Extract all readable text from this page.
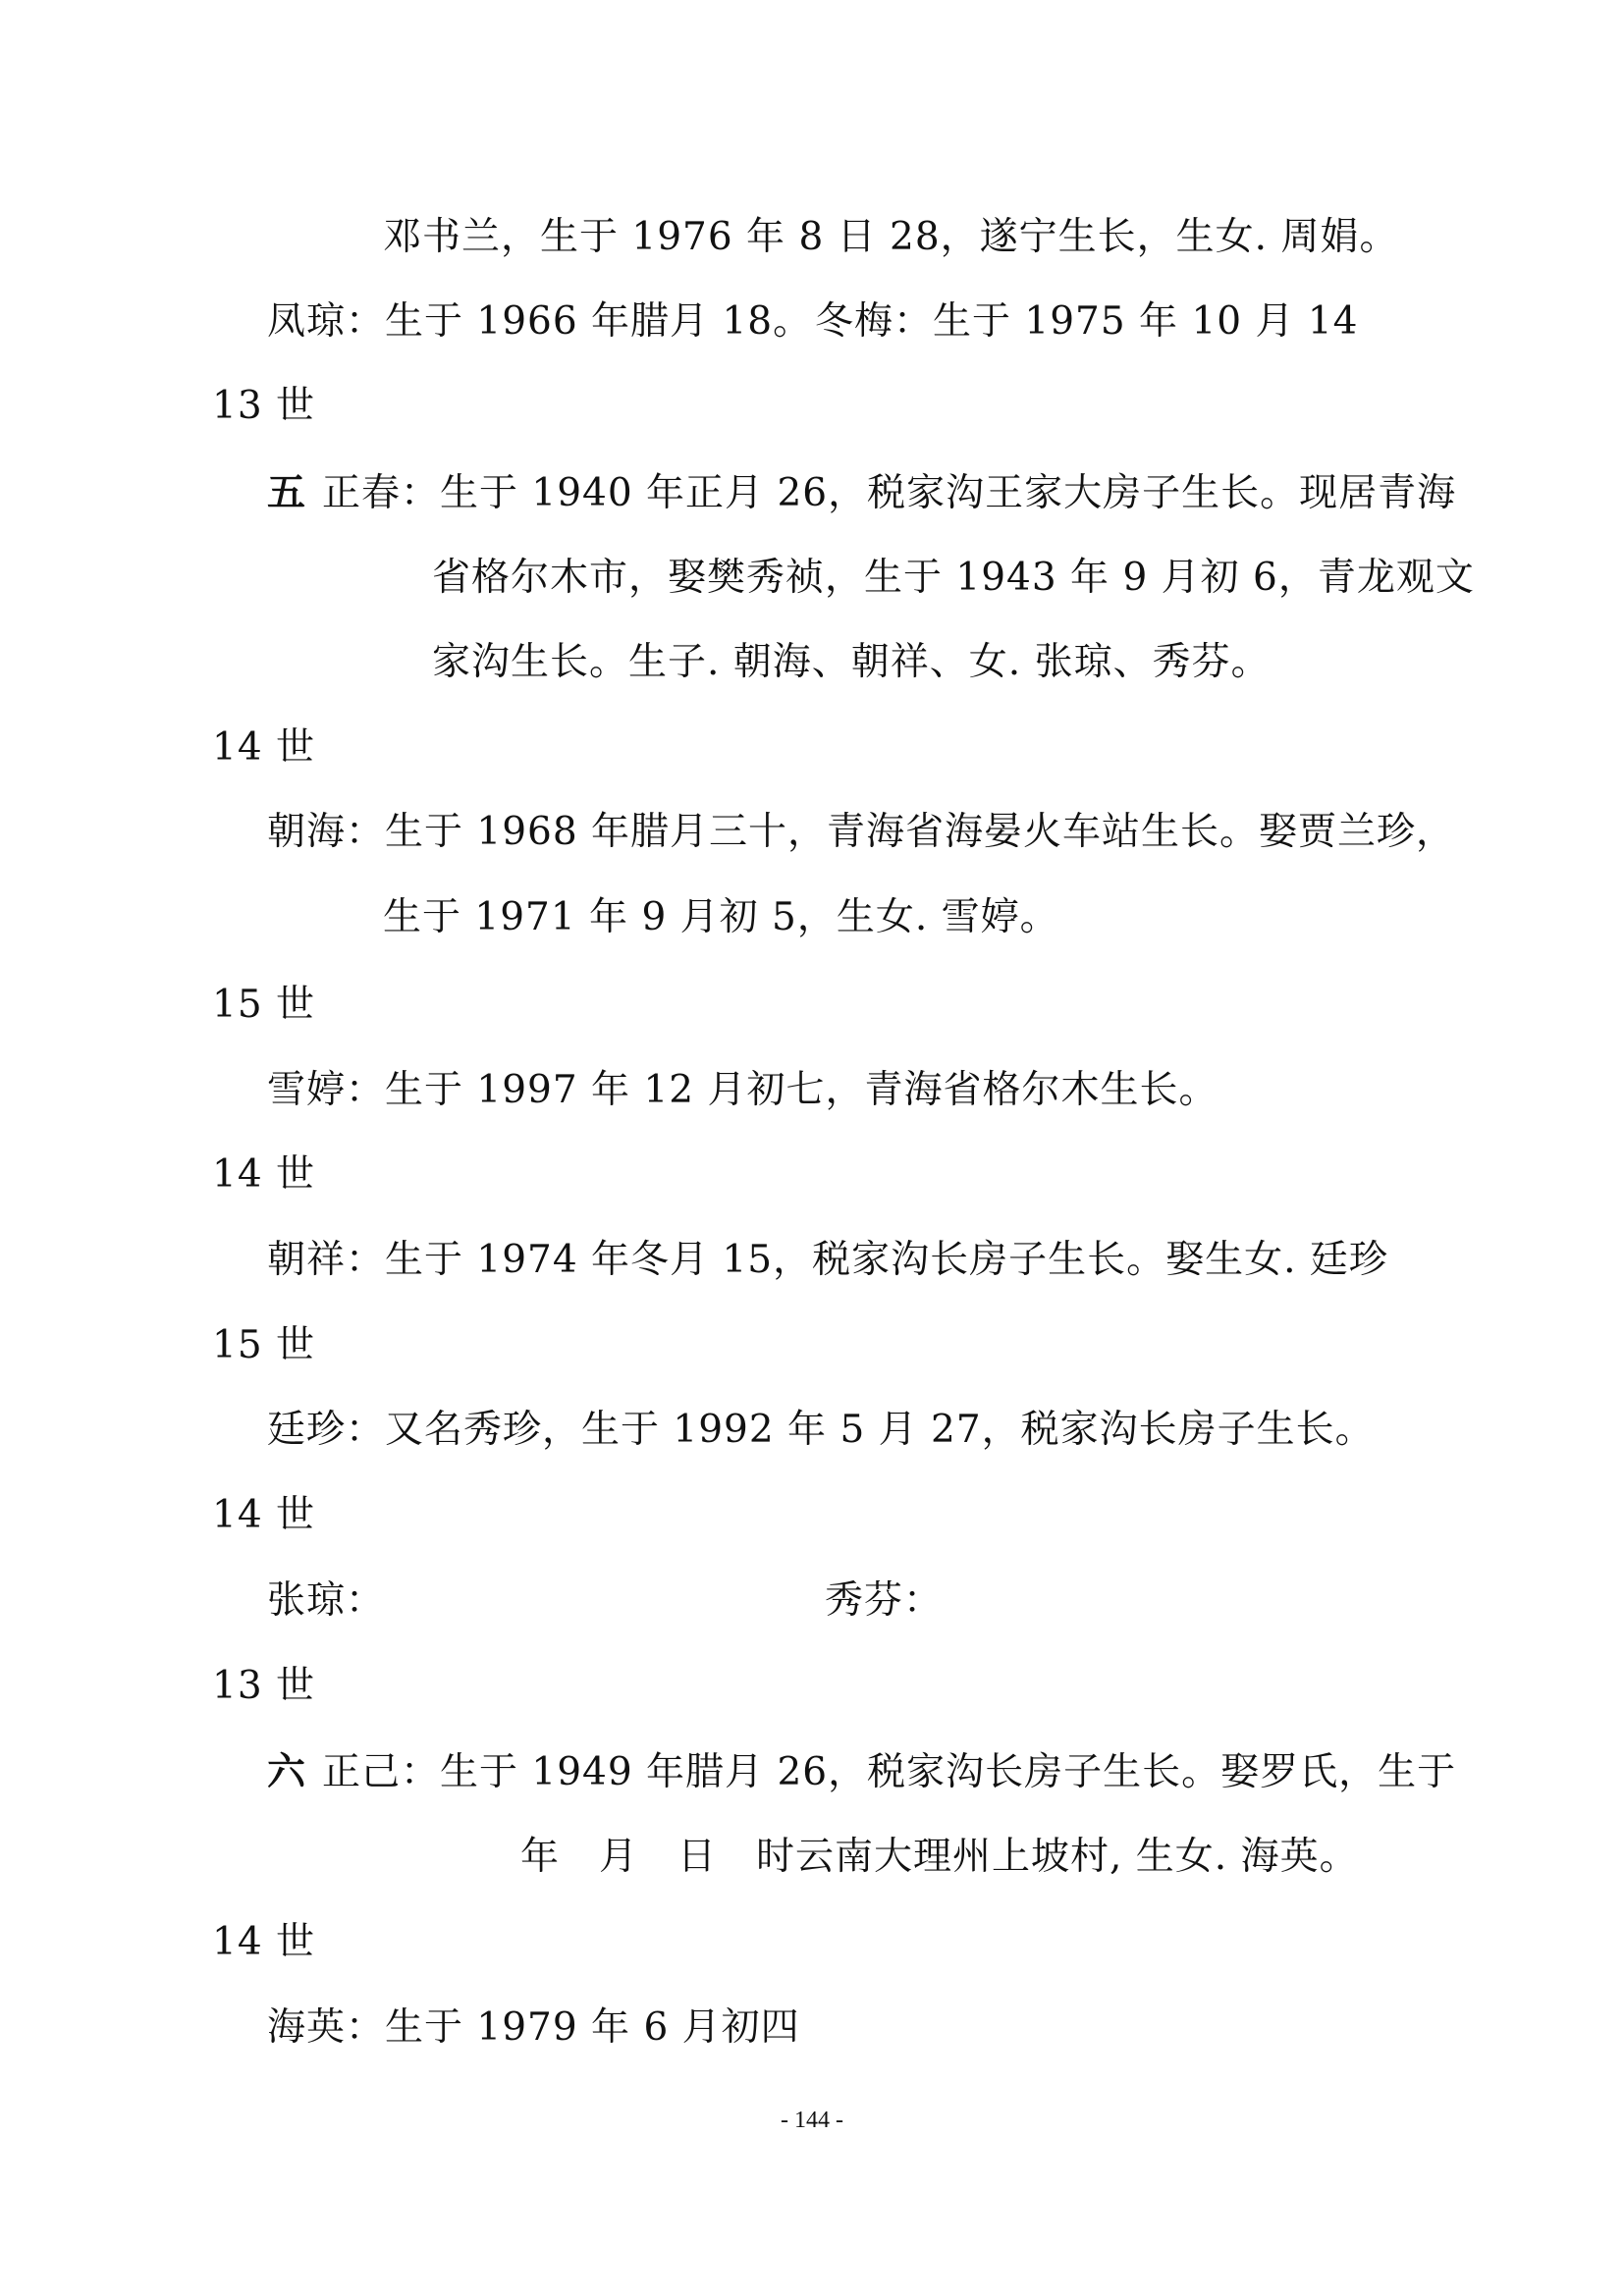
邓书兰，生于 1976 年 8 日 28，遂宁生长，生女. 周娟。
凤琼：生于 1966 年腊月 18。 冬梅：生于 1975 年 10 月 14
13 世
五 正春：生于 1940 年正月 26，税家沟王家大房子生长。现居青海
省格尔木市，娶樊秀祯，生于 1943 年 9 月初 6，青龙观文
家沟生长。生子. 朝海、朝祥、女. 张琼、秀芬。
14 世
朝海：生于 1968 年腊月三十，青海省海晏火车站生长。娶贾兰珍，
生于 1971 年 9 月初 5，生女. 雪婷。
15 世
雪婷：生于 1997 年 12 月初七，青海省格尔木生长。
14 世
朝祥：生于 1974 年冬月 15，税家沟长房子生长。娶生女. 廷珍
15 世
廷珍：又名秀珍，生于 1992 年 5 月 27，税家沟长房子生长。
14 世
张琼：	秀芬：
13 世
六 正己：生于 1949 年腊月 26，税家沟长房子生长。娶罗氏，生于
年　月　日　时云南大理州上坡村, 生女. 海英。
14 世
海英：生于 1979 年 6 月初四
- 144 -
